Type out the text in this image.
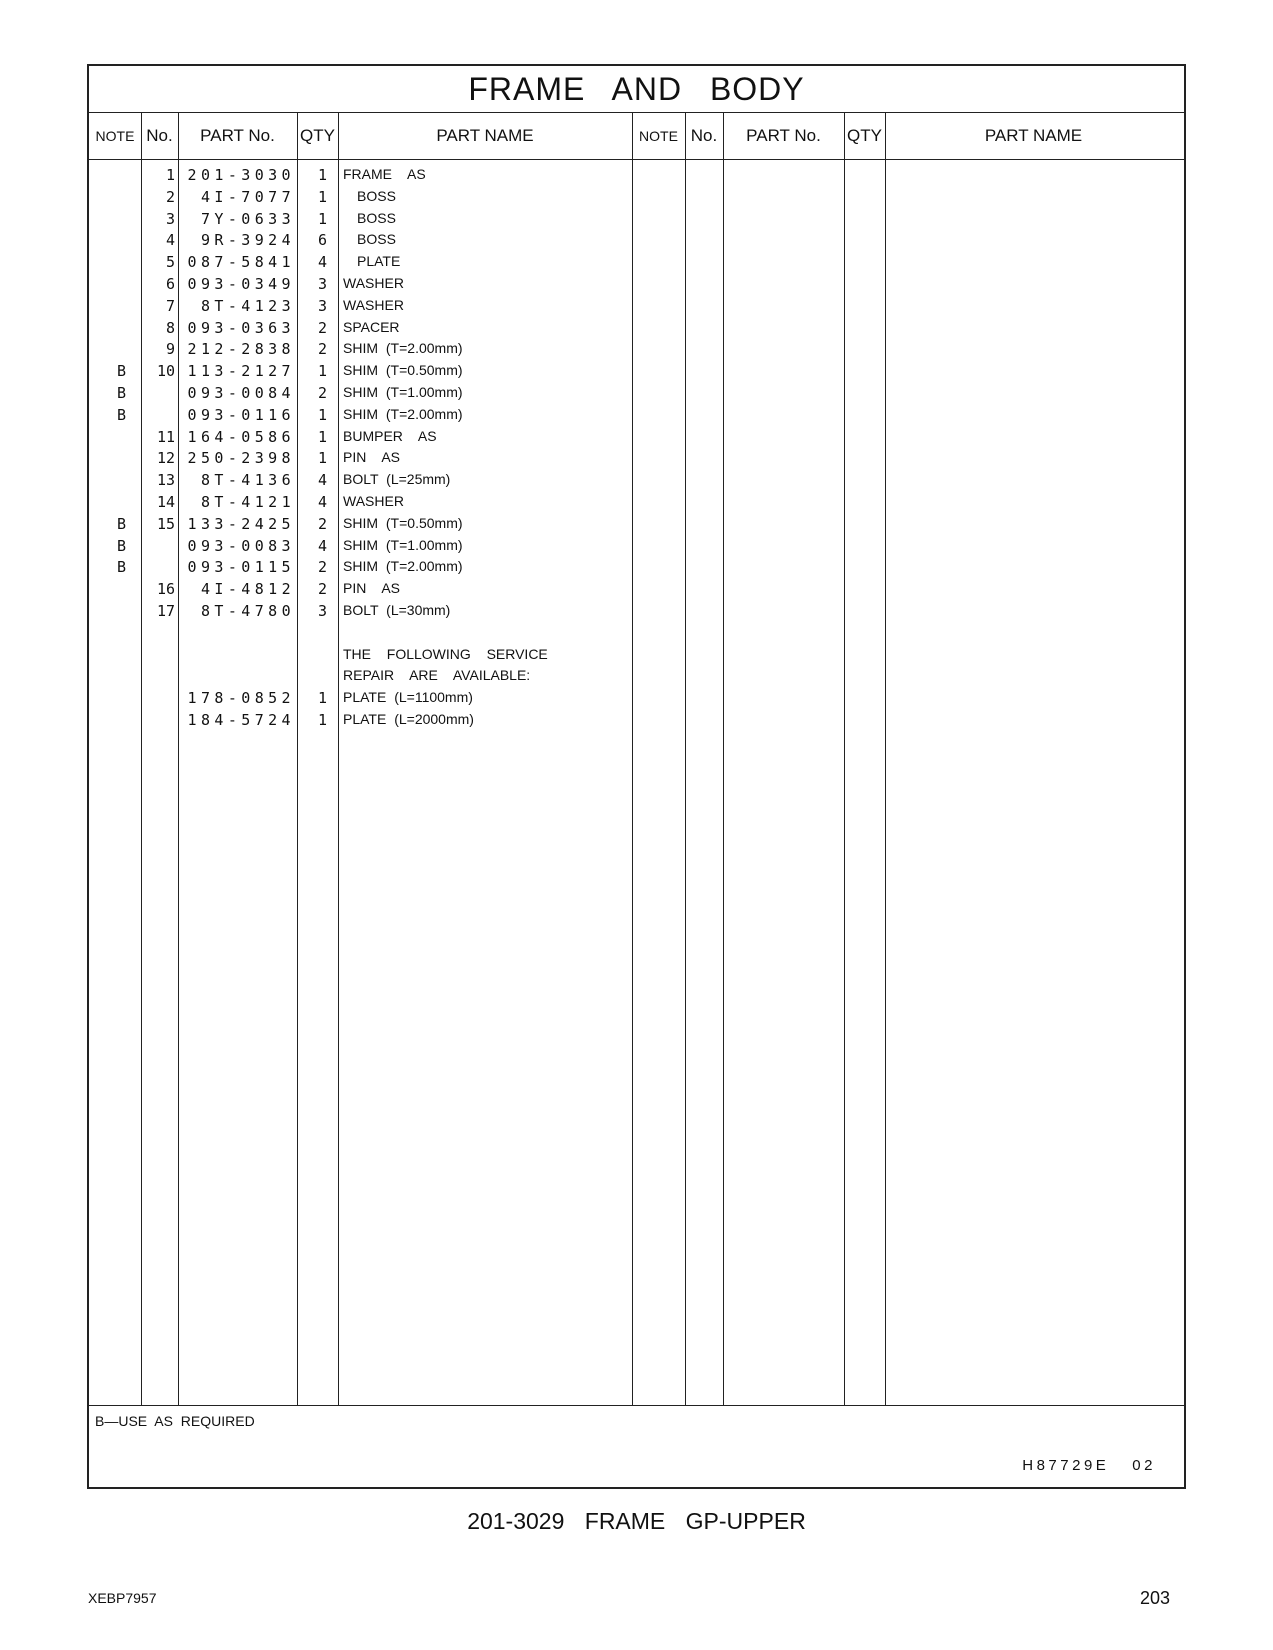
FRAME AND BODY
NOTE No.	PART No.	QTY	PART NAME	NOTE No.	PART No.	QTY	PART NAME
1 201-3030	1 FRAME  AS
2	4I-7077	1 BOSS
3	7Y-0633	1 BOSS
4	9R-3924	6 BOSS
5 087-5841	4 PLATE
6 093-0349	3 WASHER
7	8T-4123	3 WASHER
8 093-0363	2 SPACER
9 212-2838	2 SHIM (T=2.00mm)
B	10 113-2127	1 SHIM (T=0.50mm)
B	093-0084	2 SHIM (T=1.00mm)
B	093-0116	1 SHIM (T=2.00mm)
11 164-0586	1 BUMPER  AS
12 250-2398	1 PIN  AS
13	8T-4136	4 BOLT (L=25mm)
14	8T-4121	4 WASHER
B	15 133-2425	2 SHIM (T=0.50mm)
B	093-0083	4 SHIM (T=1.00mm)
B	093-0115	2 SHIM (T=2.00mm)
16	4I-4812	2 PIN  AS
17	8T-4780	3 BOLT (L=30mm)
THE  FOLLOWING  SERVICE
REPAIR  ARE  AVAILABLE:
178-0852	1 PLATE (L=1100mm)
184-5724	1 PLATE (L=2000mm)
B—USE AS REQUIRED
H87729E   02
201-3029 FRAME GP-UPPER
XEBP7957	203
